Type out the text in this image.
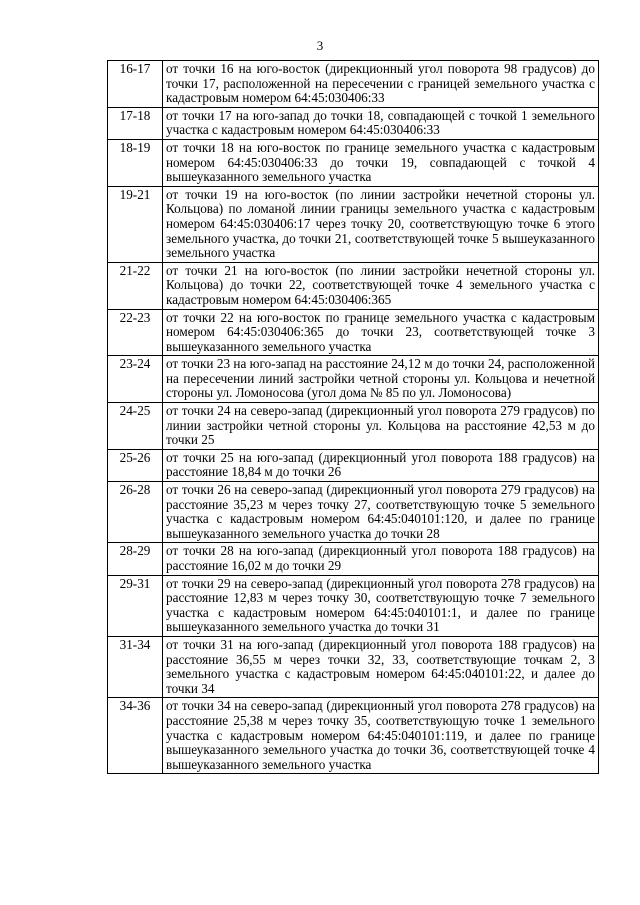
3
16-17	от точки 16 на юго-восток (дирекционный угол поворота 98 градусов) до точки 17, расположенной на пересечении с границей земельного участка с кадастровым номером 64:45:030406:33
17-18	от точки 17 на юго-запад до точки 18, совпадающей с точкой 1 земельного участка с кадастровым номером 64:45:030406:33
18-19	от точки 18 на юго-восток по границе земельного участка с кадастровым номером 64:45:030406:33 до точки 19, совпадающей с точкой 4 вышеуказанного земельного участка
19-21	от точки 19 на юго-восток (по линии застройки нечетной стороны ул. Кольцова) по ломаной линии границы земельного участка с кадастровым номером 64:45:030406:17 через точку 20, соответствующую точке 6 этого земельного участка, до точки 21, соответствующей точке 5 вышеуказанного земельного участка
21-22	от точки 21 на юго-восток (по линии застройки нечетной стороны ул. Кольцова) до точки 22, соответствующей точке 4 земельного участка с кадастровым номером 64:45:030406:365
22-23	от точки 22 на юго-восток по границе земельного участка с кадастровым номером 64:45:030406:365 до точки 23, соответствующей точке 3 вышеуказанного земельного участка
23-24	от точки 23 на юго-запад на расстояние 24,12 м до точки 24, расположенной на пересечении линий застройки четной стороны ул. Кольцова и нечетной стороны ул. Ломоносова (угол дома № 85 по ул. Ломоносова)
24-25	от точки 24 на северо-запад (дирекционный угол поворота 279 градусов) по линии застройки четной стороны ул. Кольцова на расстояние 42,53 м до точки 25
25-26	от точки 25 на юго-запад (дирекционный угол поворота 188 градусов) на расстояние 18,84 м до точки 26
26-28	от точки 26 на северо-запад (дирекционный угол поворота 279 градусов) на расстояние 35,23 м через точку 27, соответствующую точке 5 земельного участка с кадастровым номером 64:45:040101:120, и далее по границе вышеуказанного земельного участка до точки 28
28-29	от точки 28 на юго-запад (дирекционный угол поворота 188 градусов) на расстояние 16,02 м до точки 29
29-31	от точки 29 на северо-запад (дирекционный угол поворота 278 градусов) на расстояние 12,83 м через точку 30, соответствующую точке 7 земельного участка с кадастровым номером 64:45:040101:1, и далее по границе вышеуказанного земельного участка до точки 31
31-34	от точки 31 на юго-запад (дирекционный угол поворота 188 градусов) на расстояние 36,55 м через точки 32, 33, соответствующие точкам 2, 3 земельного участка с кадастровым номером 64:45:040101:22, и далее до точки 34
34-36	от точки 34 на северо-запад (дирекционный угол поворота 278 градусов) на расстояние 25,38 м через точку 35, соответствующую точке 1 земельного участка с кадастровым номером 64:45:040101:119, и далее по границе вышеуказанного земельного участка до точки 36, соответствующей точке 4 вышеуказанного земельного участка
